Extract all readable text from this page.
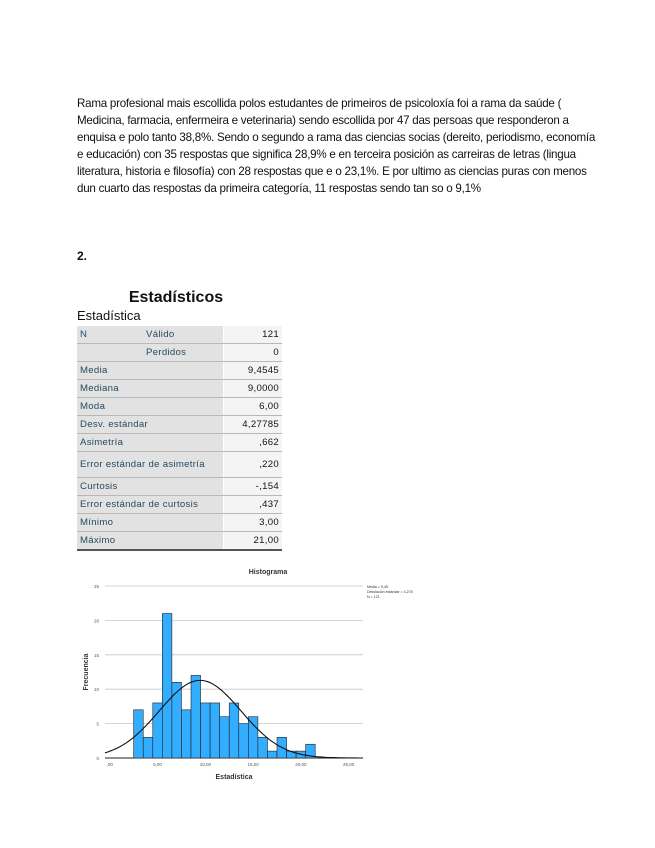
Rama profesional mais escollida polos estudantes de primeiros de psicoloxía foi a rama da saúde ( Medicina, farmacia, enfermeira e veterinaria) sendo escollida por 47 das persoas que responderon a enquisa e polo tanto 38,8%. Sendo o segundo a rama das ciencias socias (dereito, periodismo, economía e educación) con 35 respostas que significa 28,9% e en terceira posición as carreiras de letras (lingua literatura, historia e filosofía) con 28 respostas que e o 23,1%. E por ultimo as ciencias puras con menos dun cuarto das respostas da primeira categoría, 11 respostas sendo tan so o 9,1%

2.
Estadísticos
Estadística
N	Válido	121
	Perdidos	0
Media		9,4545
Mediana		9,0000
Moda		6,00
Desv. estándar		4,27785
Asimetría		,662
Error estándar de asimetría		,220
Curtosis		-,154
Error estándar de curtosis		,437
Mínimo		3,00
Máximo		21,00
Histograma
0
5
10
15
20
25
,00	5,00	10,00	15,00	20,00	25,00
Frecuencia
Estadística
Media = 9,45
Desviación estándar = 4,278
N = 121
